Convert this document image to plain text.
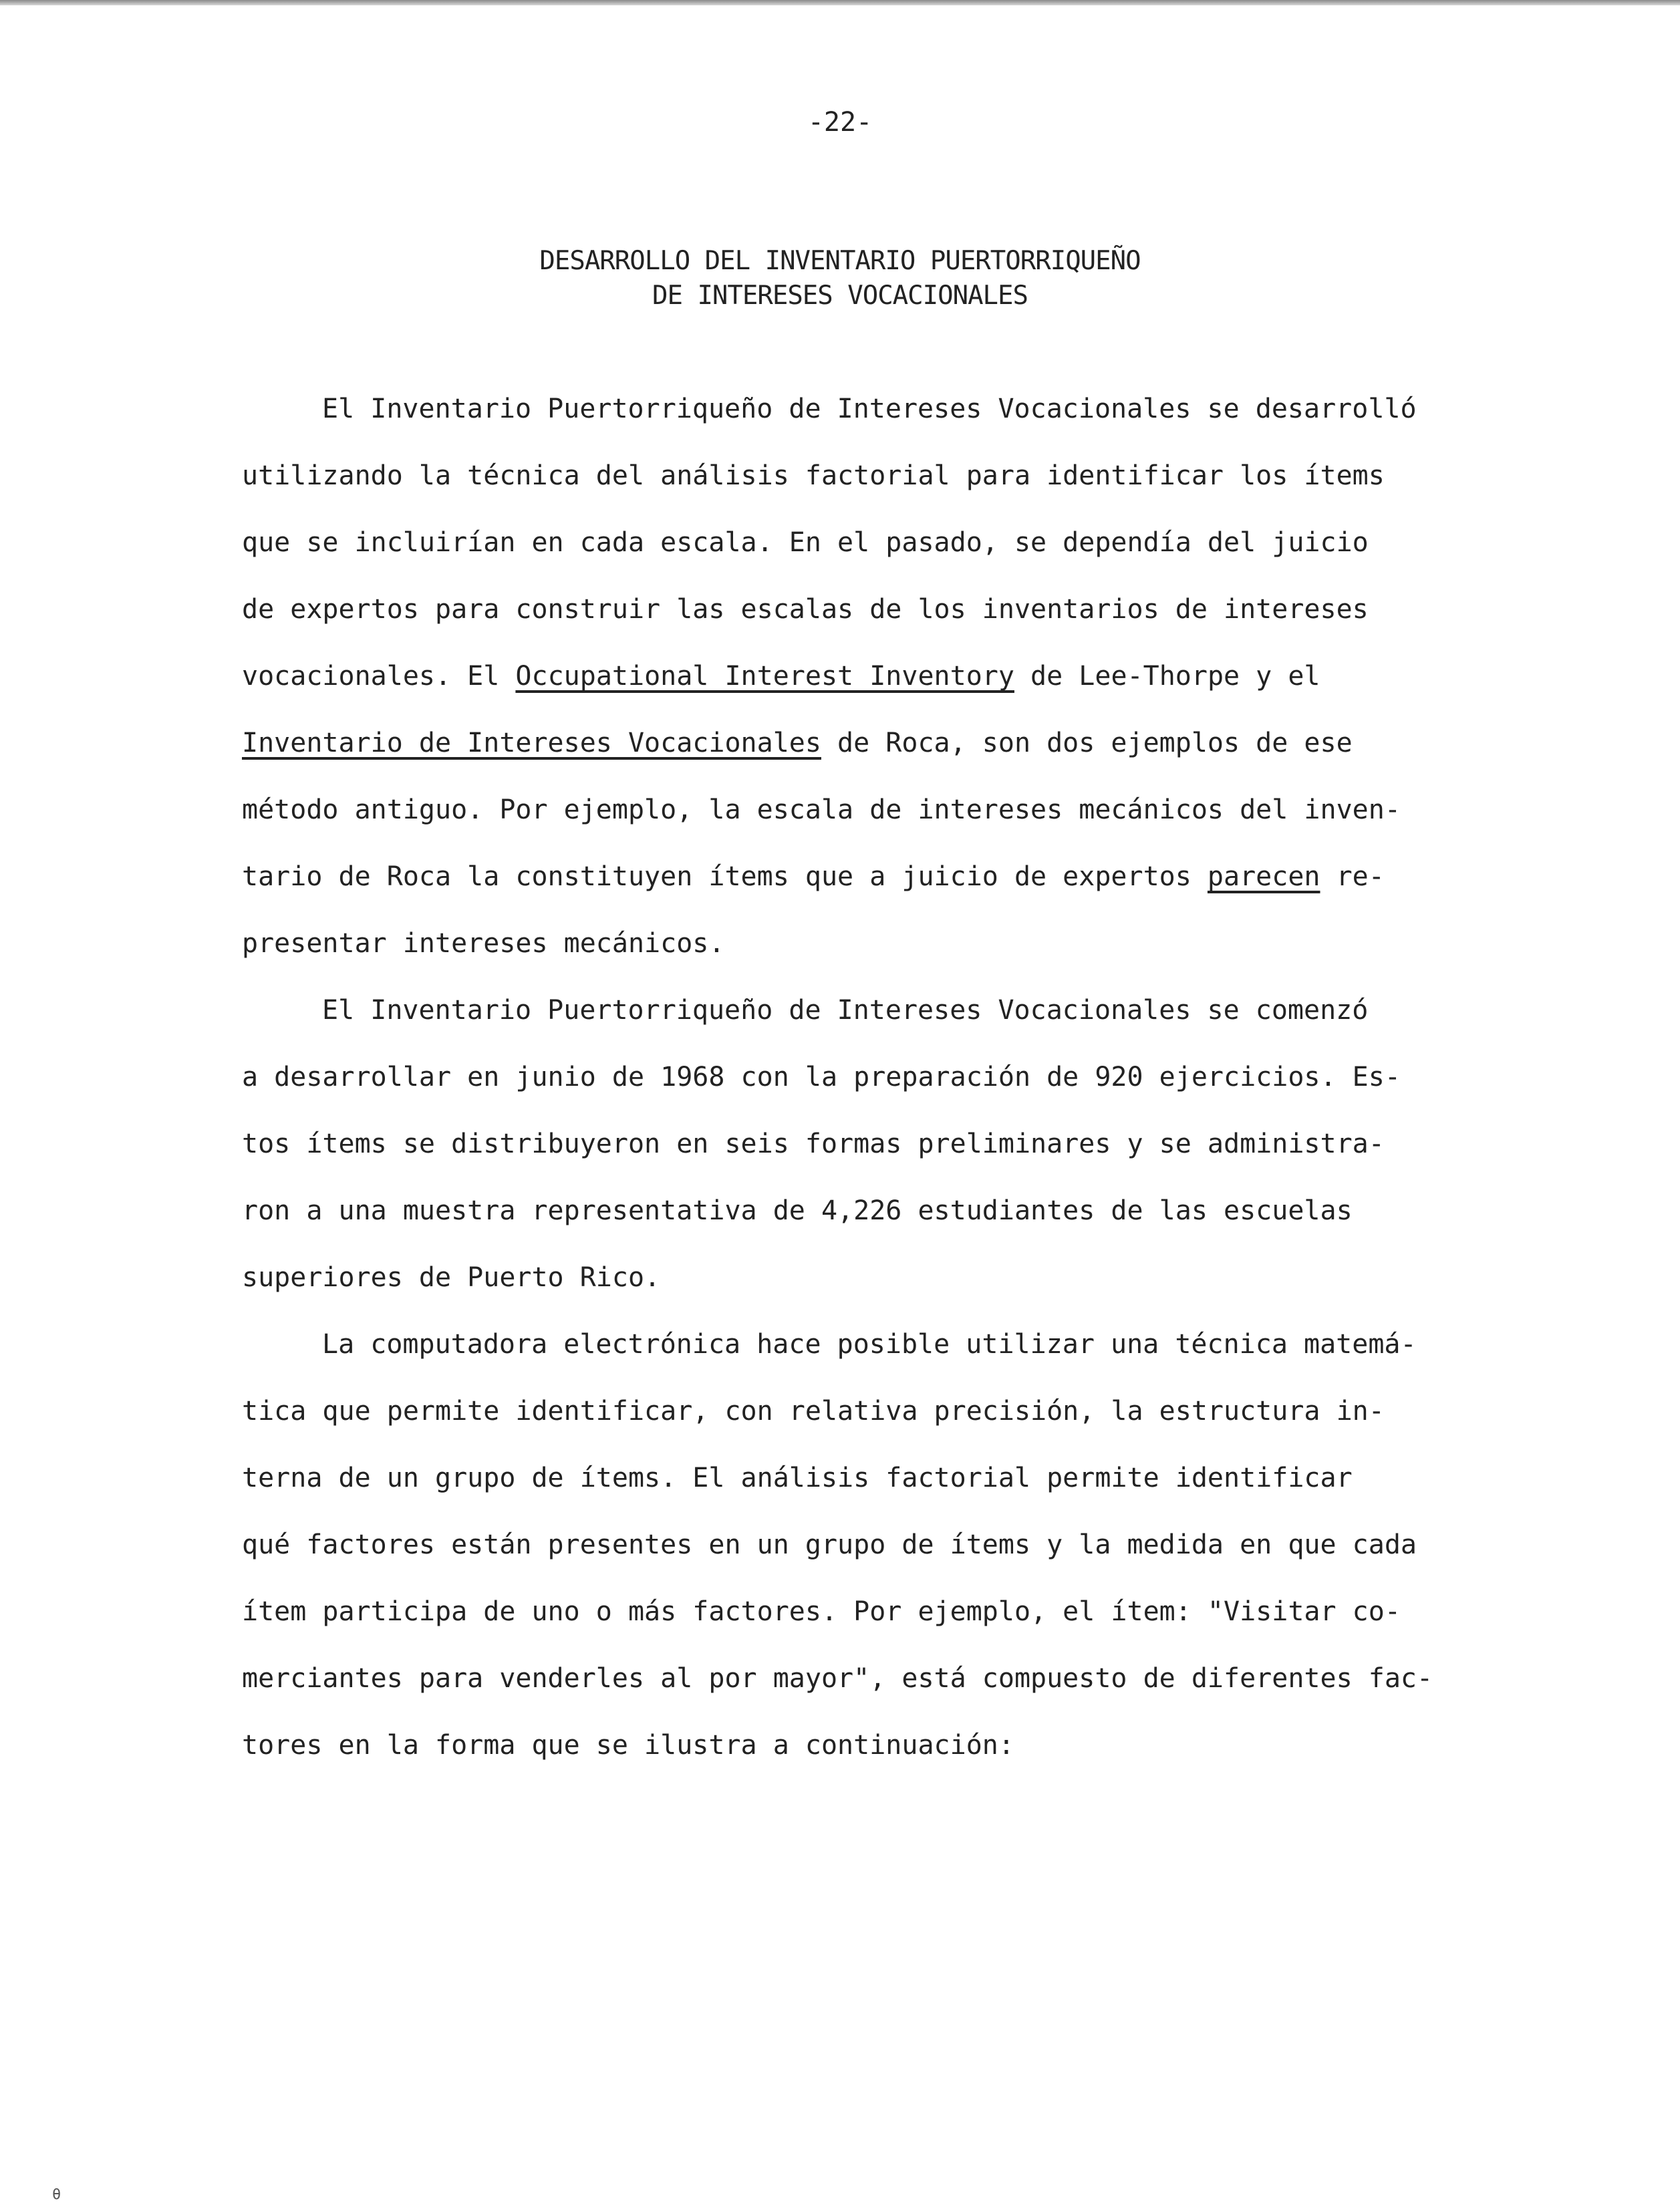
-22-
DESARROLLO DEL INVENTARIO PUERTORRIQUEÑO
DE INTERESES VOCACIONALES
El Inventario Puertorriqueño de Intereses Vocacionales se desarrolló
utilizando la técnica del análisis factorial para identificar los ítems
que se incluirían en cada escala. En el pasado, se dependía del juicio
de expertos para construir las escalas de los inventarios de intereses
vocacionales. El Occupational Interest Inventory de Lee-Thorpe y el
Inventario de Intereses Vocacionales de Roca, son dos ejemplos de ese
método antiguo. Por ejemplo, la escala de intereses mecánicos del inven-
tario de Roca la constituyen ítems que a juicio de expertos parecen re-
presentar intereses mecánicos.
El Inventario Puertorriqueño de Intereses Vocacionales se comenzó
a desarrollar en junio de 1968 con la preparación de 920 ejercicios. Es-
tos ítems se distribuyeron en seis formas preliminares y se administra-
ron a una muestra representativa de 4,226 estudiantes de las escuelas
superiores de Puerto Rico.
La computadora electrónica hace posible utilizar una técnica matemá-
tica que permite identificar, con relativa precisión, la estructura in-
terna de un grupo de ítems. El análisis factorial permite identificar
qué factores están presentes en un grupo de ítems y la medida en que cada
ítem participa de uno o más factores. Por ejemplo, el ítem: "Visitar co-
merciantes para venderles al por mayor", está compuesto de diferentes fac-
tores en la forma que se ilustra a continuación:
θ
